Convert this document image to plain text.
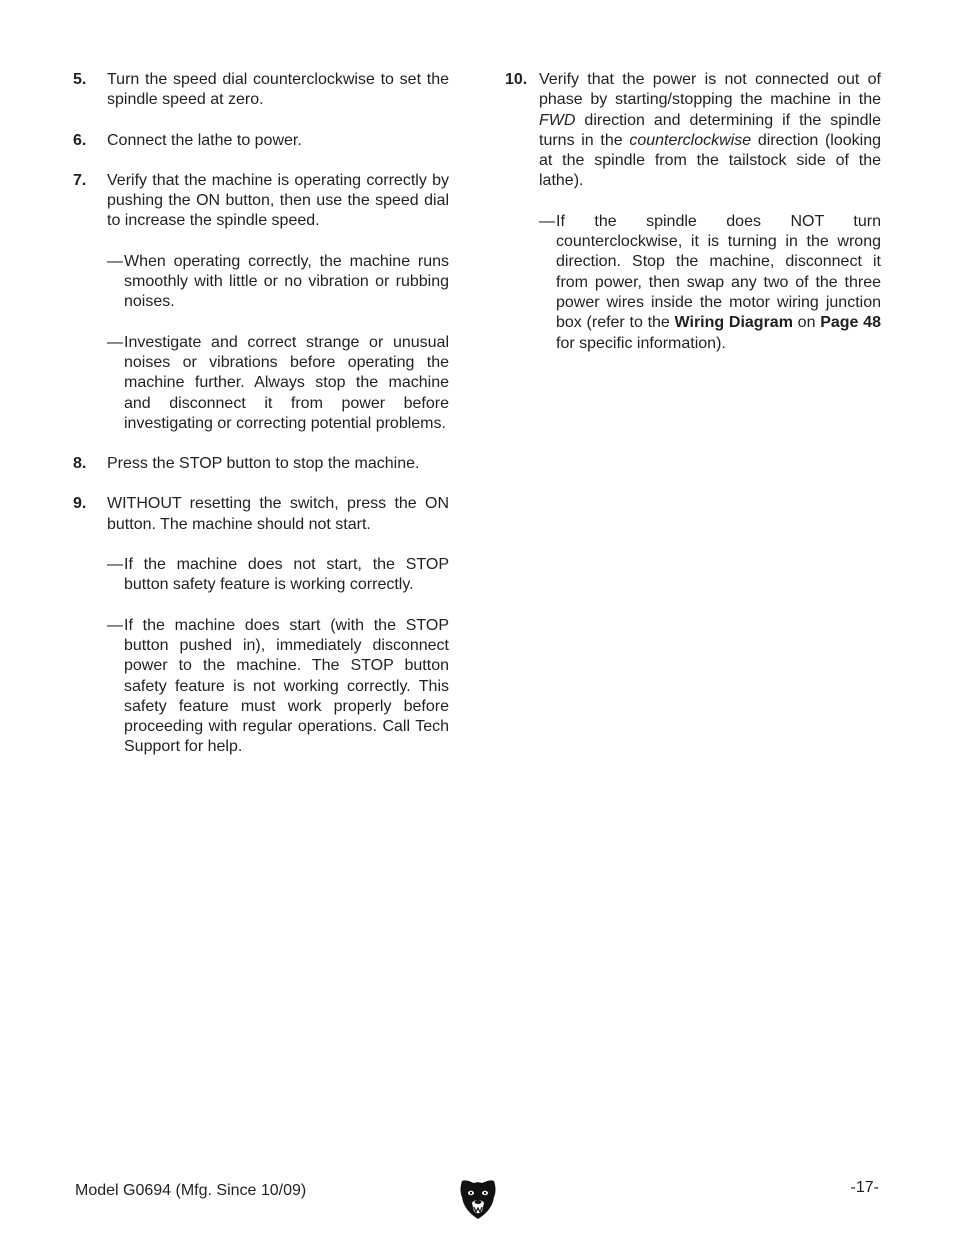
5. Turn the speed dial counterclockwise to set the spindle speed at zero.
6. Connect the lathe to power.
7. Verify that the machine is operating correctly by pushing the ON button, then use the speed dial to increase the spindle speed.
— When operating correctly, the machine runs smoothly with little or no vibration or rubbing noises.
— Investigate and correct strange or unusual noises or vibrations before operating the machine further. Always stop the machine and disconnect it from power before investigating or correcting potential problems.
8. Press the STOP button to stop the machine.
9. WITHOUT resetting the switch, press the ON button. The machine should not start.
— If the machine does not start, the STOP button safety feature is working correctly.
— If the machine does start (with the STOP button pushed in), immediately disconnect power to the machine. The STOP button safety feature is not working correctly. This safety feature must work properly before proceeding with regular operations. Call Tech Support for help.
10. Verify that the power is not connected out of phase by starting/stopping the machine in the FWD direction and determining if the spindle turns in the counterclockwise direction (looking at the spindle from the tailstock side of the lathe).
— If the spindle does NOT turn counterclockwise, it is turning in the wrong direction. Stop the machine, disconnect it from power, then swap any two of the three power wires inside the motor wiring junction box (refer to the Wiring Diagram on Page 48 for specific information).
Model G0694 (Mfg. Since 10/09)	-17-
